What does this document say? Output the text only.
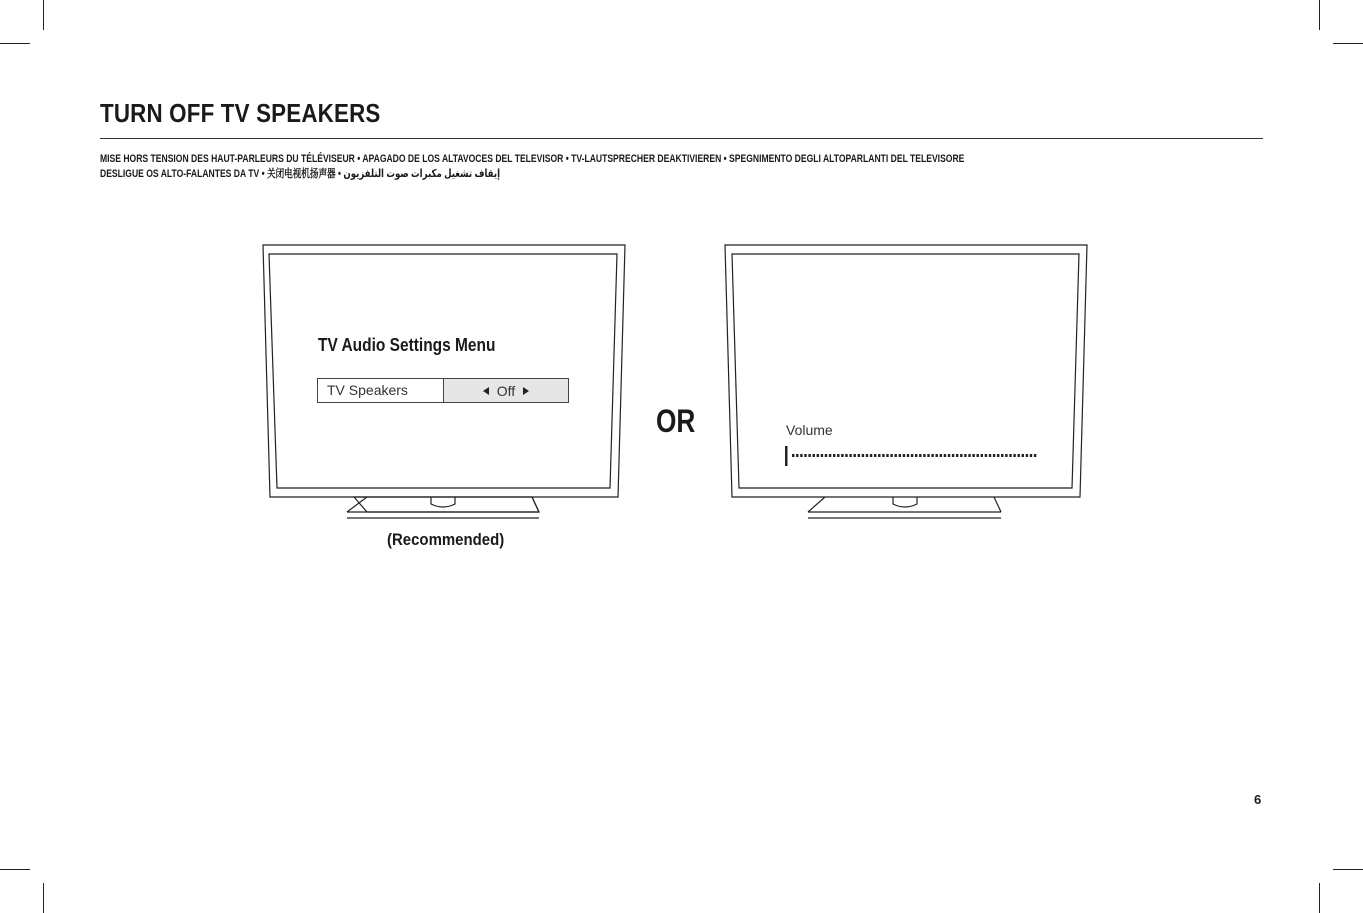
TURN OFF TV SPEAKERS
MISE HORS TENSION DES HAUT-PARLEURS DU TÉLÉVISEUR • APAGADO DE LOS ALTAVOCES DEL TELEVISOR • TV-LAUTSPRECHER DEAKTIVIEREN • SPEGNIMENTO DEGLI ALTOPARLANTI DEL TELEVISORE
DESLIGUE OS ALTO-FALANTES DA TV • 关闭电视机扬声器 • إيقاف تشغيل مكبرات صوت التلفزيون
TV Audio Settings Menu
TV Speakers	Off
(Recommended)
OR	Volume
6
